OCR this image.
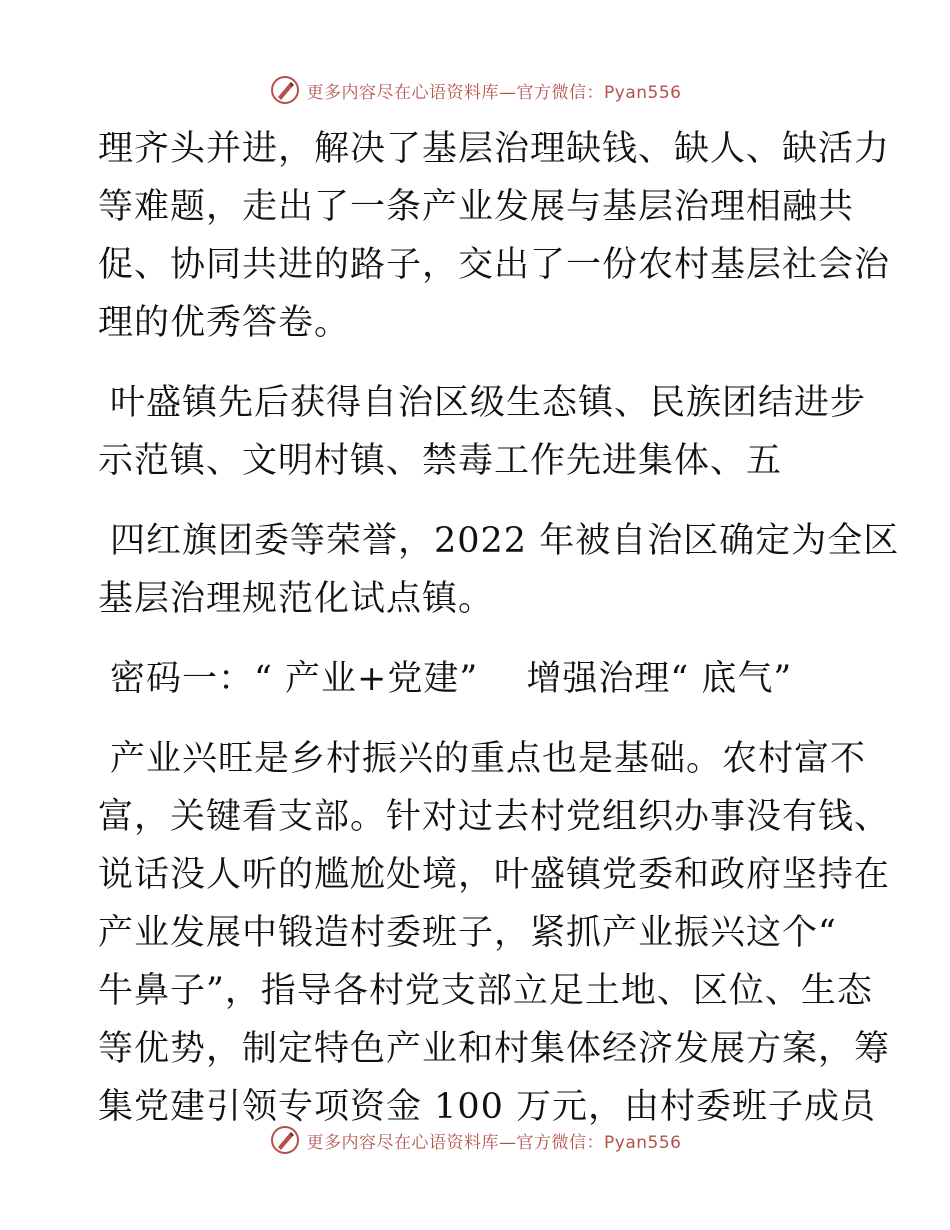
更多内容尽在心语资料库—官方微信：Pyan556
理齐头并进，解决了基层治理缺钱、缺人、缺活力
等难题，走出了一条产业发展与基层治理相融共
促、协同共进的路子，交出了一份农村基层社会治
理的优秀答卷。
叶盛镇先后获得自治区级生态镇、民族团结进步
示范镇、文明村镇、禁毒工作先进集体、五
四红旗团委等荣誉，2022 年被自治区确定为全区
基层治理规范化试点镇。
密码一：“ 产业+党建”　 增强治理“ 底气”
产业兴旺是乡村振兴的重点也是基础。农村富不
富，关键看支部。针对过去村党组织办事没有钱、
说话没人听的尴尬处境，叶盛镇党委和政府坚持在
产业发展中锻造村委班子，紧抓产业振兴这个“
牛鼻子”，指导各村党支部立足土地、区位、生态
等优势，制定特色产业和村集体经济发展方案，筹
集党建引领专项资金 100 万元，由村委班子成员
更多内容尽在心语资料库—官方微信：Pyan556
